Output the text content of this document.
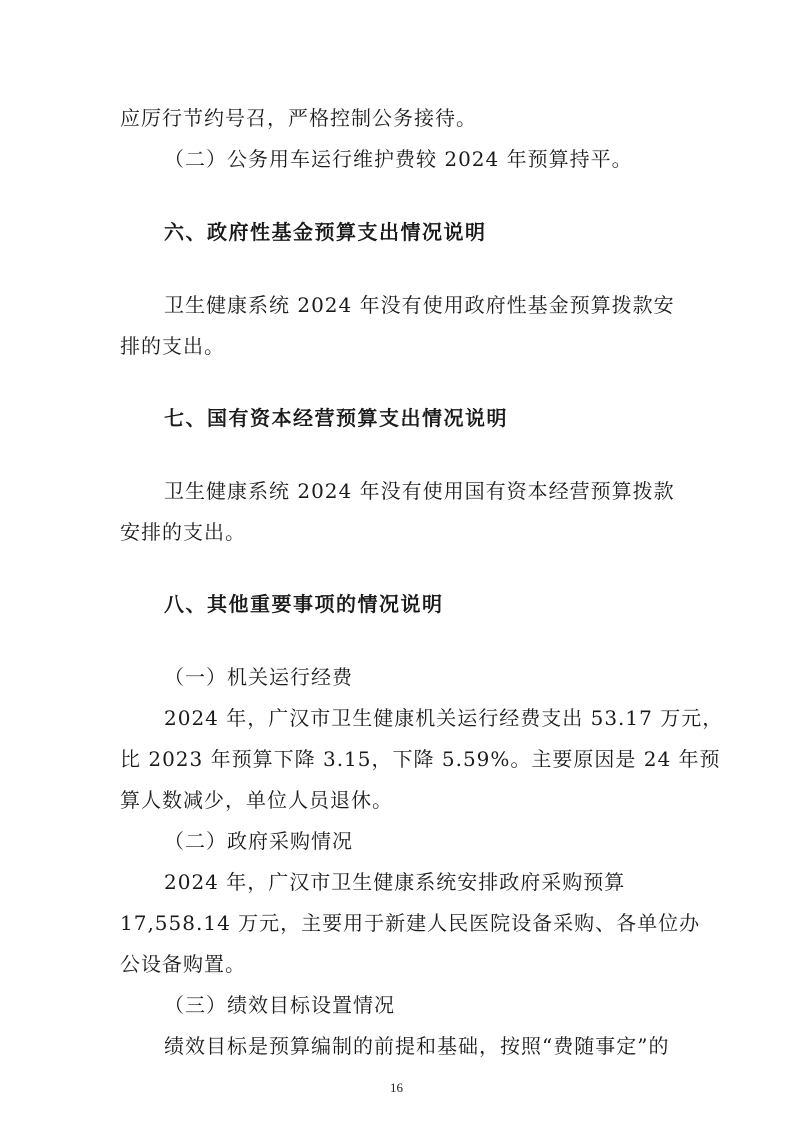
应厉行节约号召，严格控制公务接待。
（二）公务用车运行维护费较 2024 年预算持平。
六、政府性基金预算支出情况说明
卫生健康系统 2024 年没有使用政府性基金预算拨款安
排的支出。
七、国有资本经营预算支出情况说明
卫生健康系统 2024 年没有使用国有资本经营预算拨款
安排的支出。
八、其他重要事项的情况说明
（一）机关运行经费
2024 年，广汉市卫生健康机关运行经费支出 53.17 万元，
比 2023 年预算下降 3.15，下降 5.59%。主要原因是 24 年预
算人数减少，单位人员退休。
（二）政府采购情况
2024 年，广汉市卫生健康系统安排政府采购预算
17,558.14 万元，主要用于新建人民医院设备采购、各单位办
公设备购置。
（三）绩效目标设置情况
绩效目标是预算编制的前提和基础，按照“费随事定”的
16
